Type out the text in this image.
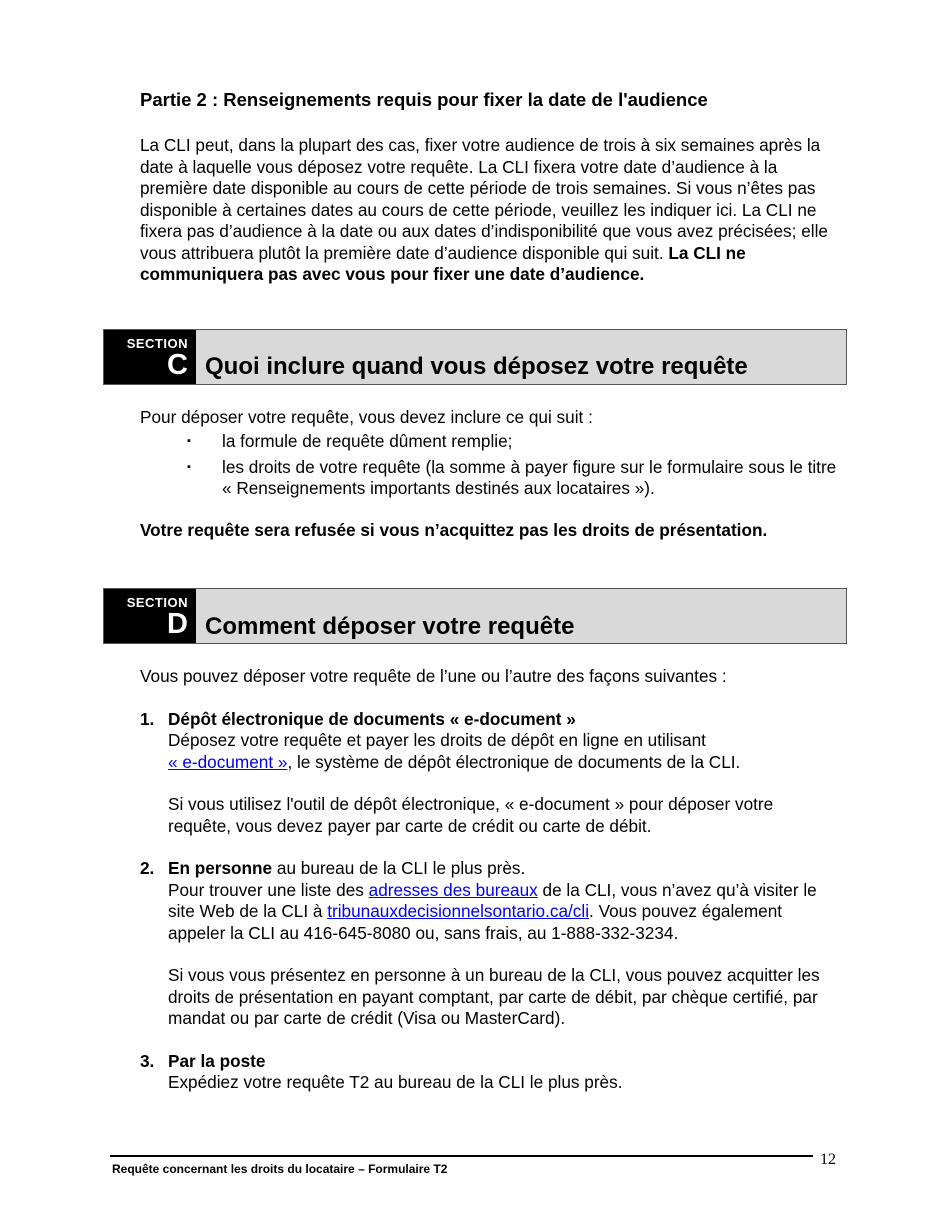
Partie 2 : Renseignements requis pour fixer la date de l'audience

La CLI peut, dans la plupart des cas, fixer votre audience de trois à six semaines après la date à laquelle vous déposez votre requête. La CLI fixera votre date d’audience à la première date disponible au cours de cette période de trois semaines. Si vous n’êtes pas disponible à certaines dates au cours de cette période, veuillez les indiquer ici. La CLI ne fixera pas d’audience à la date ou aux dates d’indisponibilité que vous avez précisées; elle vous attribuera plutôt la première date d’audience disponible qui suit. La CLI ne communiquera pas avec vous pour fixer une date d’audience.

SECTION
C Quoi inclure quand vous déposez votre requête

Pour déposer votre requête, vous devez inclure ce qui suit :

▪ la formule de requête dûment remplie;
▪ les droits de votre requête (la somme à payer figure sur le formulaire sous le titre « Renseignements importants destinés aux locataires »).

Votre requête sera refusée si vous n’acquittez pas les droits de présentation.

SECTION
D Comment déposer votre requête

Vous pouvez déposer votre requête de l’une ou l’autre des façons suivantes :

1. Dépôt électronique de documents « e-document »

Déposez votre requête et payer les droits de dépôt en ligne en utilisant
« e-document », le système de dépôt électronique de documents de la CLI.

Si vous utilisez l'outil de dépôt électronique, « e-document » pour déposer votre requête, vous devez payer par carte de crédit ou carte de débit.

2. En personne au bureau de la CLI le plus près.

Pour trouver une liste des adresses des bureaux de la CLI, vous n’avez qu’à visiter le site Web de la CLI à tribunauxdecisionnelsontario.ca/cli. Vous pouvez également appeler la CLI au 416-645-8080 ou, sans frais, au 1-888-332-3234.

Si vous vous présentez en personne à un bureau de la CLI, vous pouvez acquitter les droits de présentation en payant comptant, par carte de débit, par chèque certifié, par mandat ou par carte de crédit (Visa ou MasterCard).

3. Par la poste

Expédiez votre requête T2 au bureau de la CLI le plus près.

Requête concernant les droits du locataire – Formulaire T2
12
